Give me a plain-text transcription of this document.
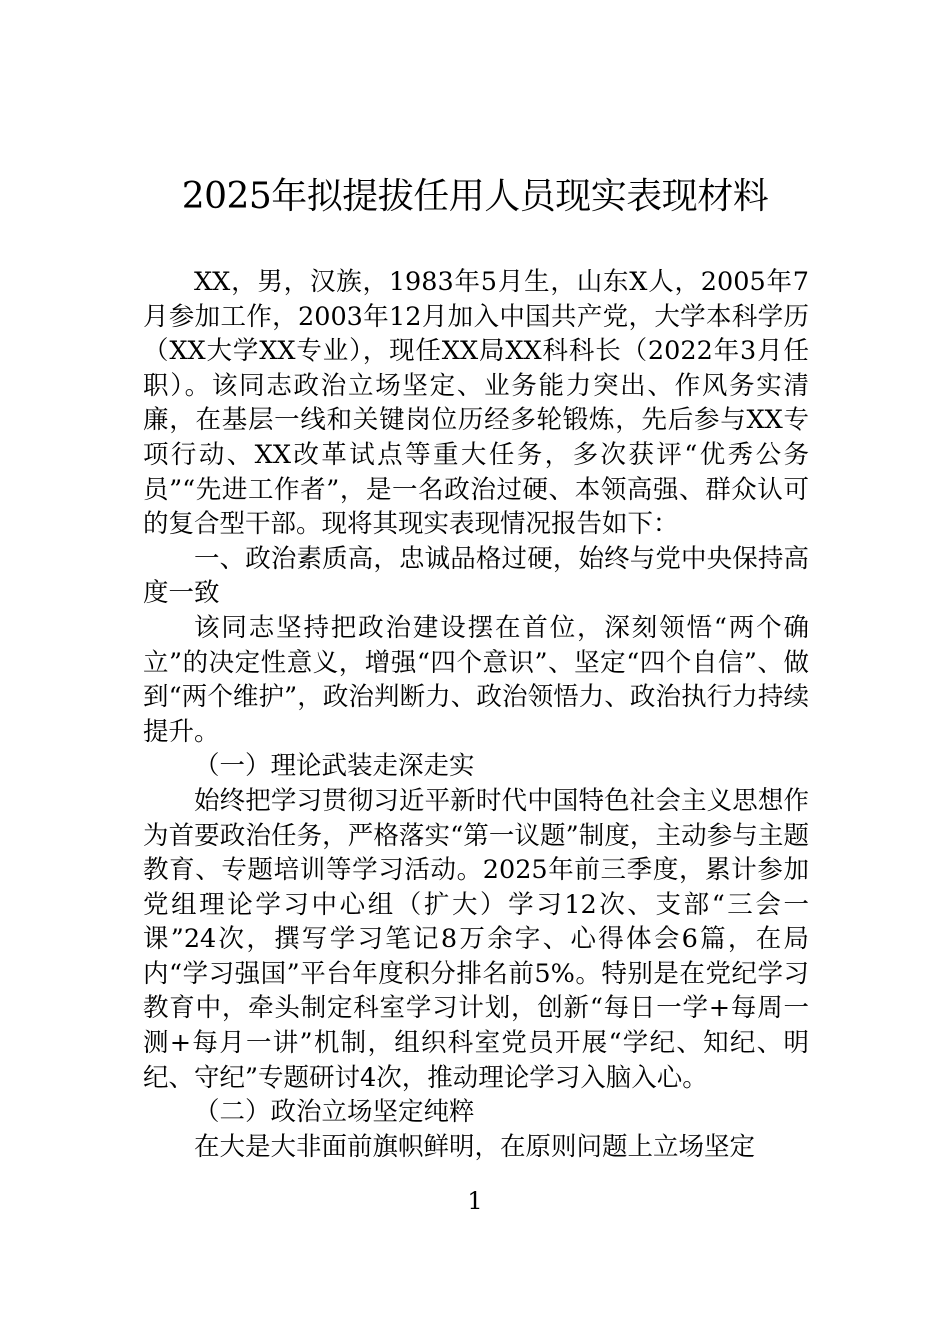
2025年拟提拔任用人员现实表现材料

XX，男，汉族，1983年5月生，山东X人，2005年7月参加工作，2003年12月加入中国共产党，大学本科学历（XX大学XX专业），现任XX局XX科科长（2022年3月任职）。该同志政治立场坚定、业务能力突出、作风务实清廉，在基层一线和关键岗位历经多轮锻炼，先后参与XX专项行动、XX改革试点等重大任务，多次获评“优秀公务员”“先进工作者”，是一名政治过硬、本领高强、群众认可的复合型干部。现将其现实表现情况报告如下：

一、政治素质高，忠诚品格过硬，始终与党中央保持高度一致

该同志坚持把政治建设摆在首位，深刻领悟“两个确立”的决定性意义，增强“四个意识”、坚定“四个自信”、做到“两个维护”，政治判断力、政治领悟力、政治执行力持续提升。

（一）理论武装走深走实

始终把学习贯彻习近平新时代中国特色社会主义思想作为首要政治任务，严格落实“第一议题”制度，主动参与主题教育、专题培训等学习活动。2025年前三季度，累计参加党组理论学习中心组（扩大）学习12次、支部“三会一课”24次，撰写学习笔记8万余字、心得体会6篇，在局内“学习强国”平台年度积分排名前5%。特别是在党纪学习教育中，牵头制定科室学习计划，创新“每日一学+每周一测+每月一讲”机制，组织科室党员开展“学纪、知纪、明纪、守纪”专题研讨4次，推动理论学习入脑入心。

（二）政治立场坚定纯粹

在大是大非面前旗帜鲜明，在原则问题上立场坚定

1
